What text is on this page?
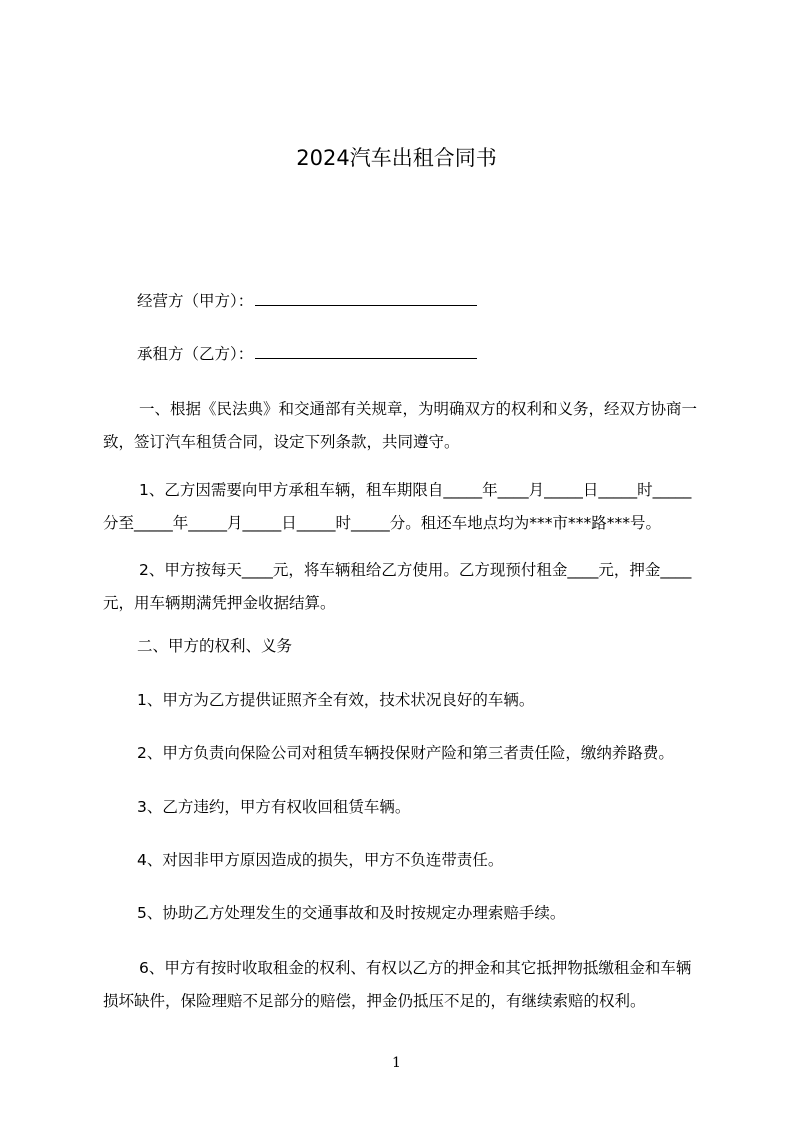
2024汽车出租合同书
经营方（甲方）：
承租方（乙方）：
一、根据《民法典》和交通部有关规章，为明确双方的权利和义务，经双方协商一致，签订汽车租赁合同，设定下列条款，共同遵守。
1、乙方因需要向甲方承租车辆，租车期限自_____年____月_____日_____时_____分至_____年_____月_____日_____时_____分。租还车地点均为***市***路***号。
2、甲方按每天____元，将车辆租给乙方使用。乙方现预付租金____元，押金____元，用车辆期满凭押金收据结算。
二、甲方的权利、义务
1、甲方为乙方提供证照齐全有效，技术状况良好的车辆。
2、甲方负责向保险公司对租赁车辆投保财产险和第三者责任险，缴纳养路费。
3、乙方违约，甲方有权收回租赁车辆。
4、对因非甲方原因造成的损失，甲方不负连带责任。
5、协助乙方处理发生的交通事故和及时按规定办理索赔手续。
6、甲方有按时收取租金的权利、有权以乙方的押金和其它抵押物抵缴租金和车辆损坏缺件，保险理赔不足部分的赔偿，押金仍抵压不足的，有继续索赔的权利。
1
